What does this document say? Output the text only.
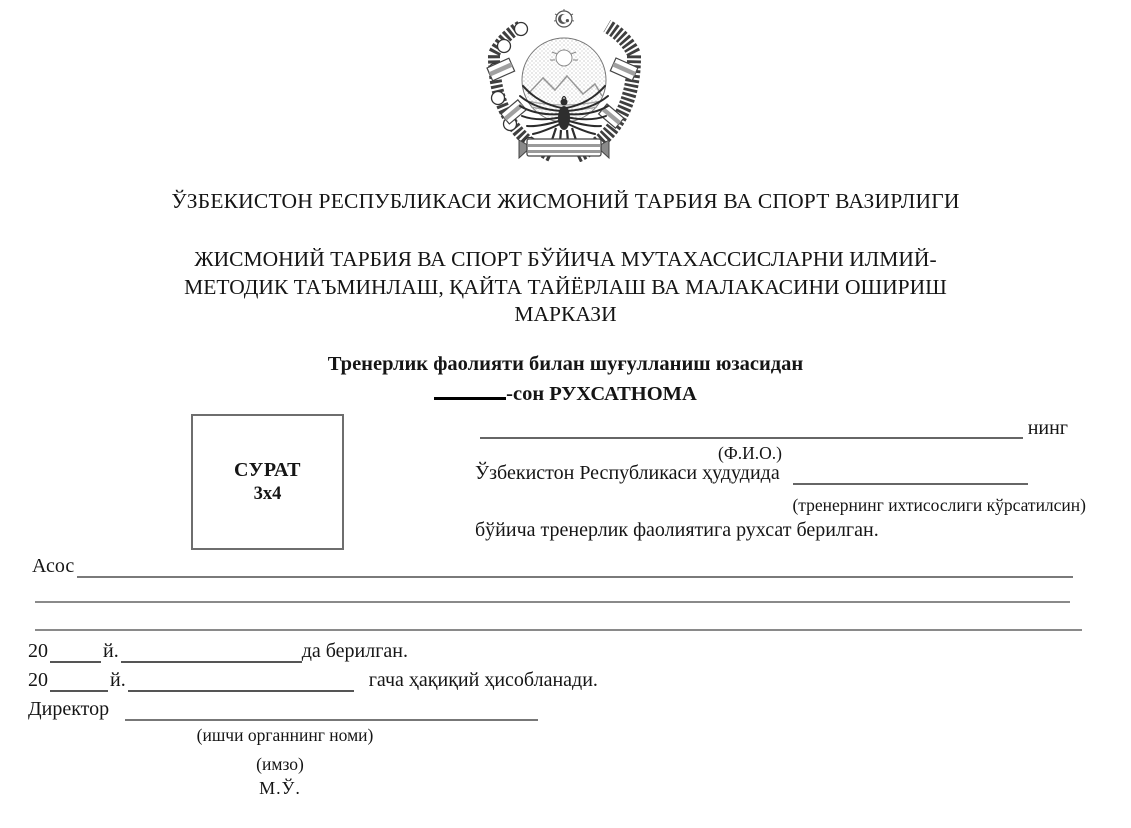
ЎЗБЕКИСТОН РЕСПУБЛИКАСИ ЖИСМОНИЙ ТАРБИЯ ВА СПОРТ ВАЗИРЛИГИ
ЖИСМОНИЙ ТАРБИЯ ВА СПОРТ БЎЙИЧА МУТАХАССИСЛАРНИ ИЛМИЙ-
МЕТОДИК ТАЪМИНЛАШ, ҚАЙТА ТАЙЁРЛАШ ВА МАЛАКАСИНИ ОШИРИШ
МАРКАЗИ
Тренерлик фаолияти билан шуғулланиш юзасидан
-сон РУХСАТНОМА
СУРАТ
3x4
нинг
(Ф.И.О.)
Ўзбекистон Республикаси ҳудудида
(тренернинг ихтисослиги кўрсатилсин)
бўйича тренерлик фаолиятига рухсат берилган.
Асос
20	й.	да берилган.
20	й.	гача ҳақиқий ҳисобланади.
Директор
(ишчи органнинг номи)
(имзо)
М.Ў.
